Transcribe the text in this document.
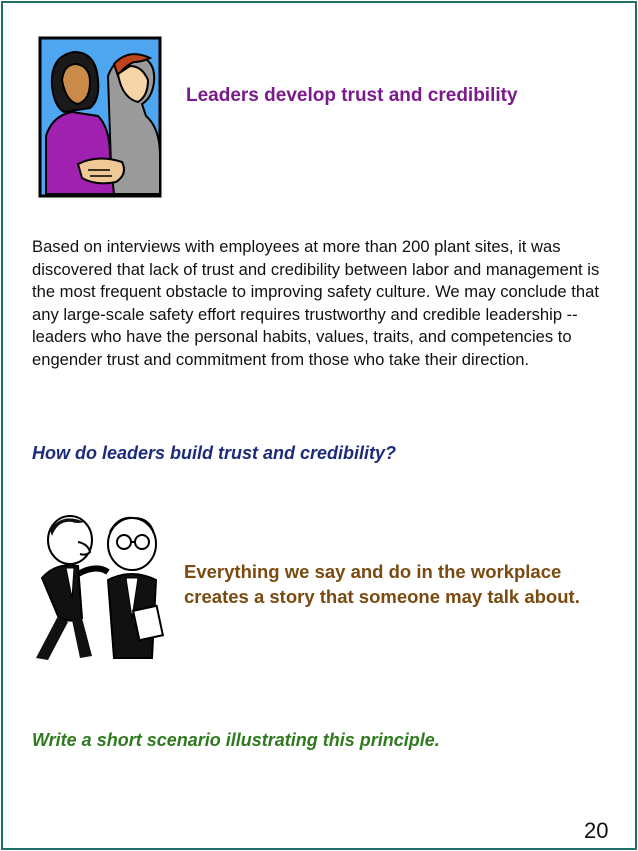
Leaders develop trust and credibility
Based on interviews with employees at more than 200 plant sites, it was discovered that lack of trust and credibility between labor and management is the most frequent obstacle to improving safety culture. We may conclude that any large-scale safety effort requires trustworthy and credible leadership -- leaders who have the personal habits, values, traits, and competencies to engender trust and commitment from those who take their direction.
How do leaders build trust and credibility?
Everything we say and do in the workplace creates a story that someone may talk about.
Write a short scenario illustrating this principle.
20
